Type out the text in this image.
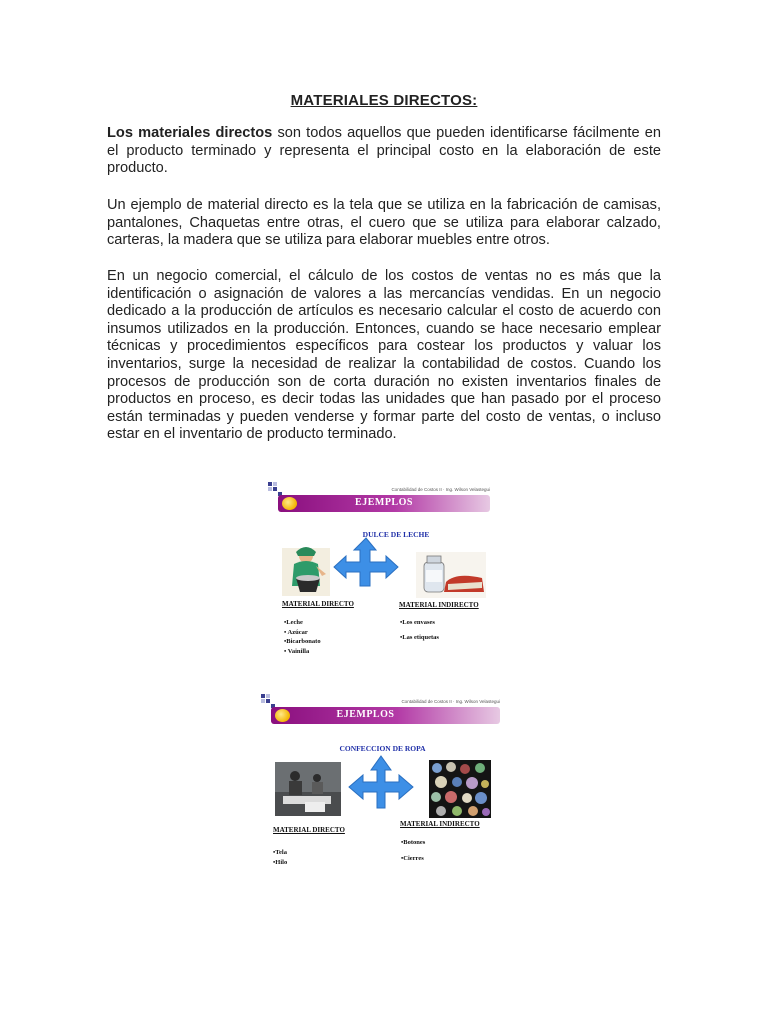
MATERIALES DIRECTOS:

Los materiales directos son todos aquellos que pueden identificarse fácilmente en el producto terminado y representa el principal costo en la elaboración de este producto.

Un ejemplo de material directo es la tela que se utiliza en la fabricación de camisas, pantalones, Chaquetas entre otras, el cuero que se utiliza para elaborar calzado, carteras, la madera que se utiliza para elaborar muebles entre otros.

En un negocio comercial, el cálculo de los costos de ventas no es más que la identificación o asignación de valores a las mercancías vendidas. En un negocio dedicado a la producción de artículos es necesario calcular el costo de acuerdo con insumos utilizados en la producción. Entonces, cuando se hace necesario emplear técnicas y procedimientos específicos para costear los productos y valuar los inventarios, surge la necesidad de realizar la contabilidad de costos. Cuando los procesos de producción son de corta duración no existen inventarios finales de productos en proceso, es decir todas las unidades que han pasado por el proceso están terminadas y pueden venderse y formar parte del costo de ventas, o incluso estar en el inventario de producto terminado.

Contabilidad de Costos II · Ing. Wilson Velastegui
EJEMPLOS
DULCE DE LECHE
MATERIAL DIRECTO
•Leche
• Azúcar
•Bicarbonato
• Vainilla
MATERIAL INDIRECTO
•Los envases
•Las etiquetas
Contabilidad de Costos II · Ing. Wilson Velastegui
EJEMPLOS
CONFECCION DE ROPA
MATERIAL DIRECTO
•Tela
•Hilo
MATERIAL INDIRECTO
•Botones
•Cierres
